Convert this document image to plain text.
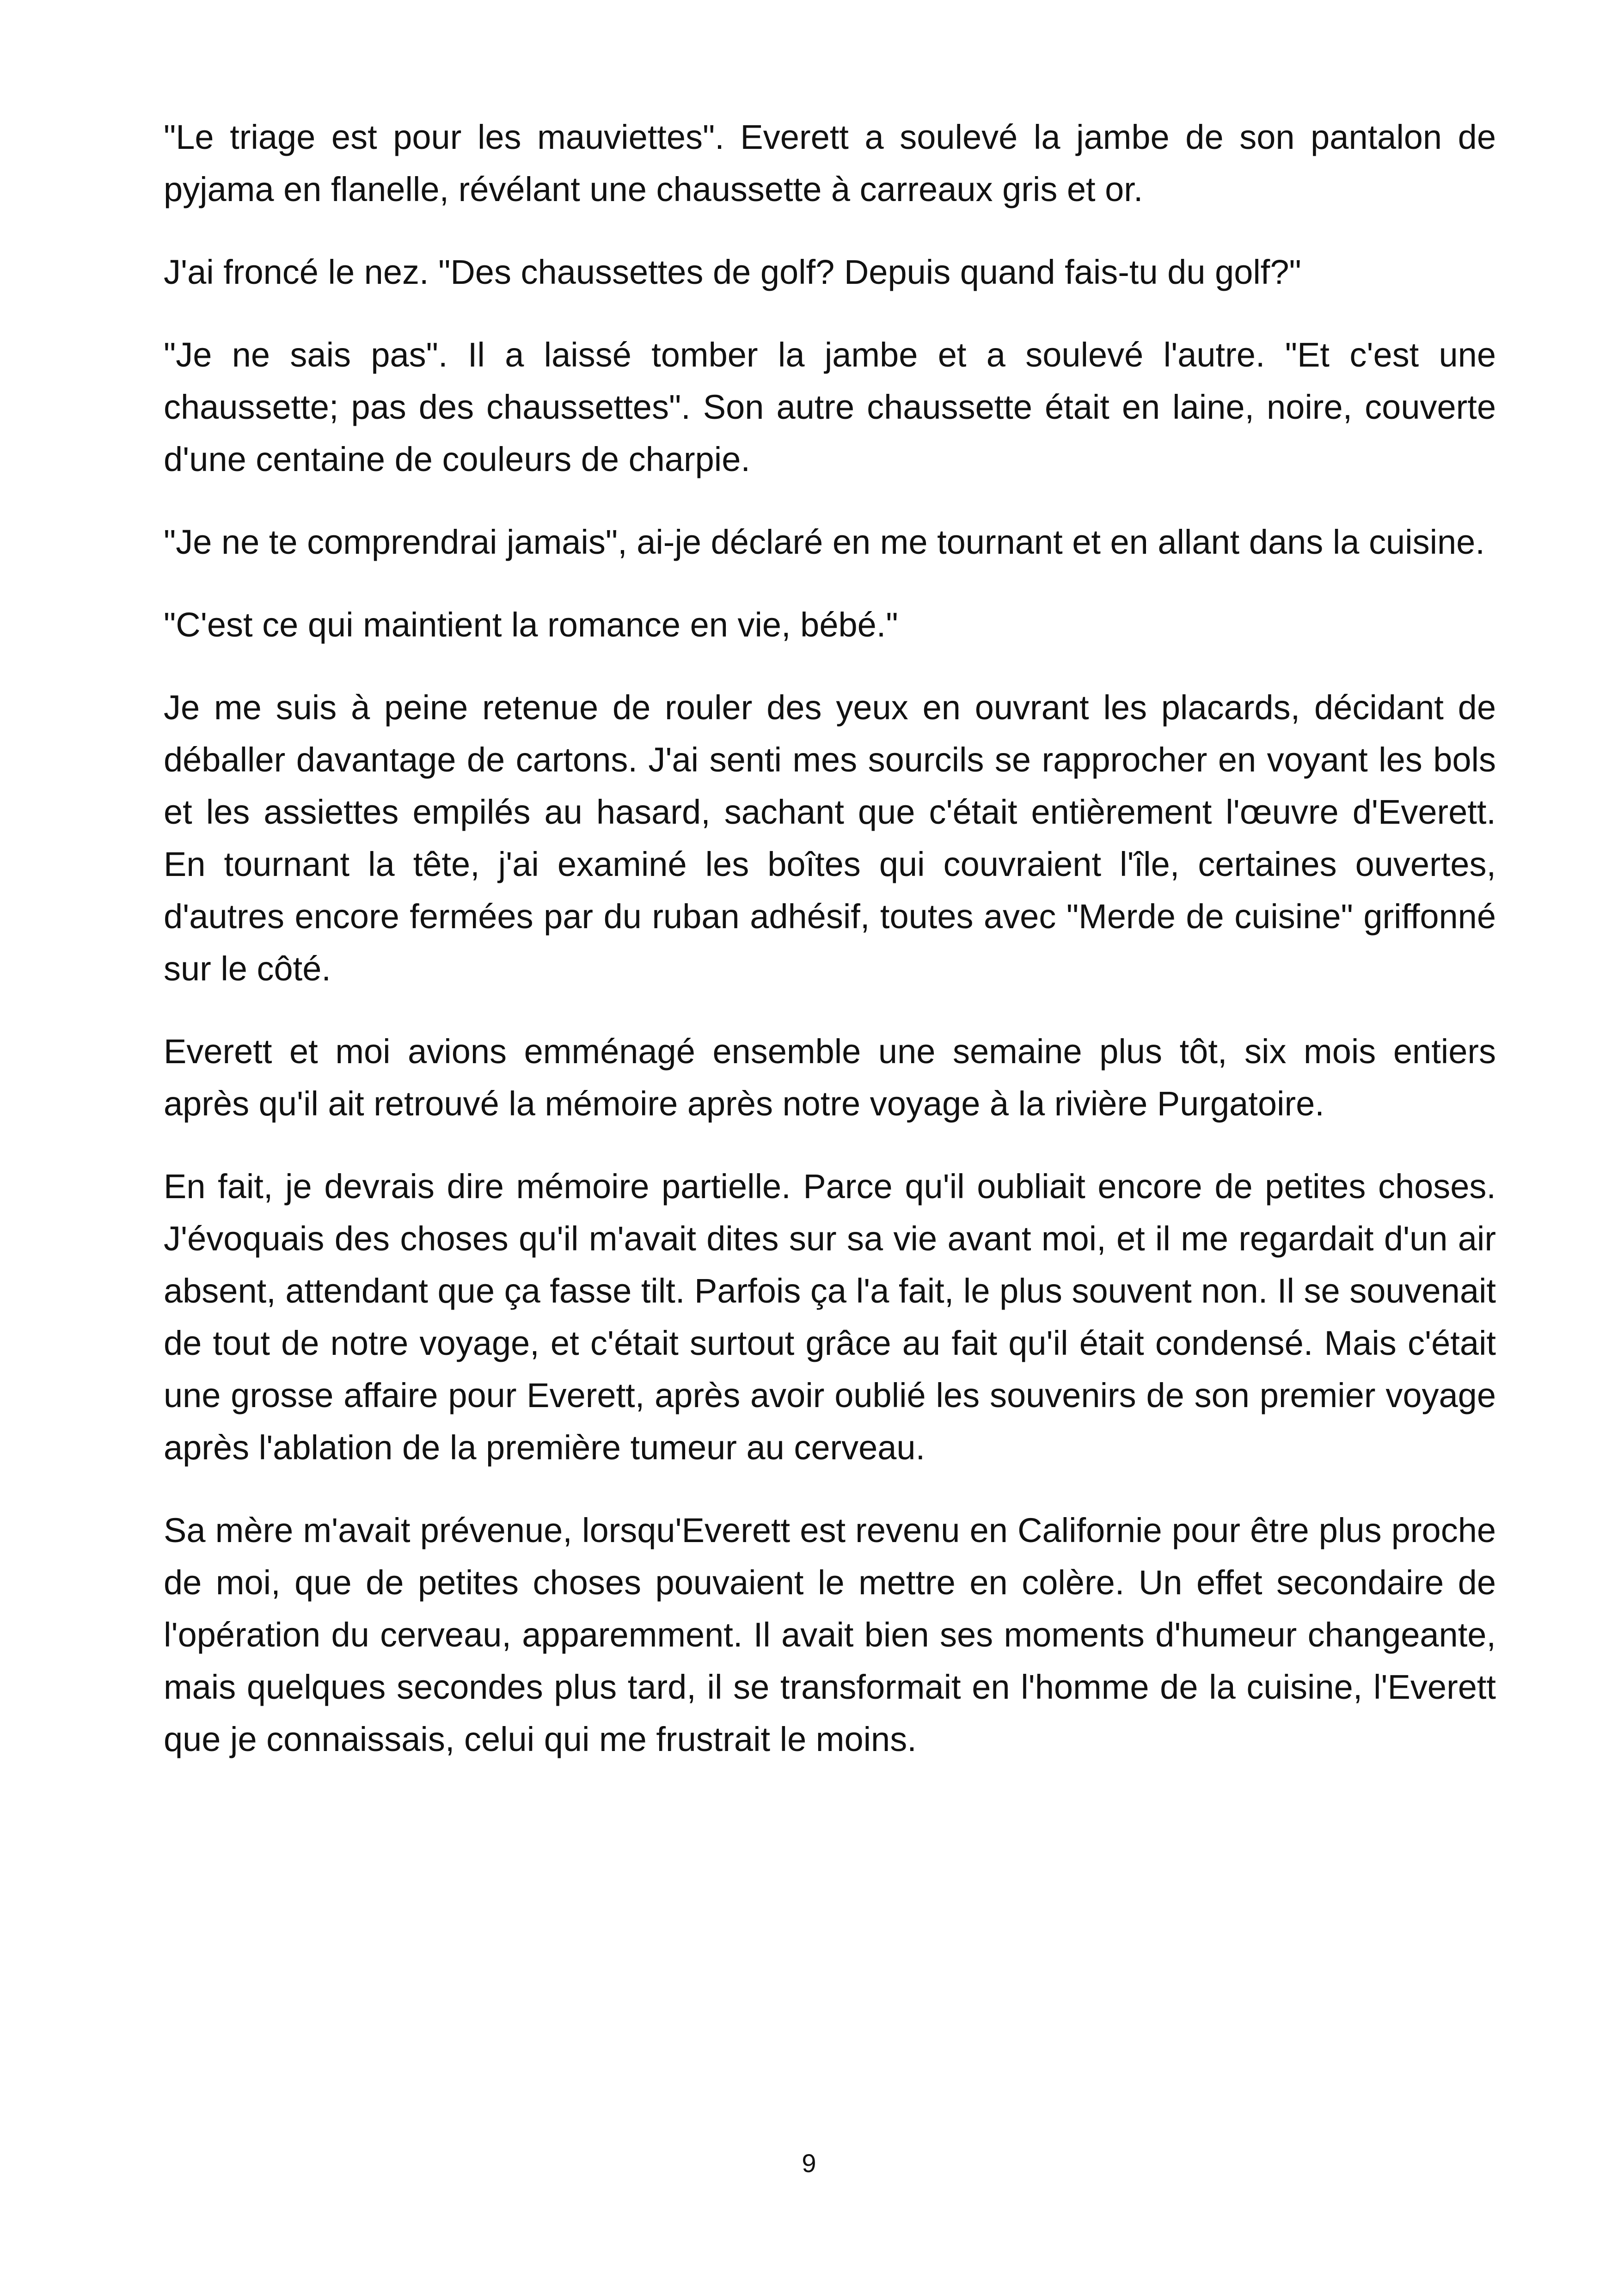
"Le triage est pour les mauviettes". Everett a soulevé la jambe de son pantalon de pyjama en flanelle, révélant une chaussette à carreaux gris et or.

J'ai froncé le nez. "Des chaussettes de golf? Depuis quand fais-tu du golf?"

"Je ne sais pas". Il a laissé tomber la jambe et a soulevé l'autre. "Et c'est une chaussette; pas des chaussettes". Son autre chaussette était en laine, noire, couverte d'une centaine de couleurs de charpie.

"Je ne te comprendrai jamais", ai-je déclaré en me tournant et en allant dans la cuisine.

"C'est ce qui maintient la romance en vie, bébé."

Je me suis à peine retenue de rouler des yeux en ouvrant les placards, décidant de déballer davantage de cartons. J'ai senti mes sourcils se rapprocher en voyant les bols et les assiettes empilés au hasard, sachant que c'était entièrement l'œuvre d'Everett. En tournant la tête, j'ai examiné les boîtes qui couvraient l'île, certaines ouvertes, d'autres encore fermées par du ruban adhésif, toutes avec "Merde de cuisine" griffonné sur le côté.

Everett et moi avions emménagé ensemble une semaine plus tôt, six mois entiers après qu'il ait retrouvé la mémoire après notre voyage à la rivière Purgatoire.

En fait, je devrais dire mémoire partielle. Parce qu'il oubliait encore de petites choses. J'évoquais des choses qu'il m'avait dites sur sa vie avant moi, et il me regardait d'un air absent, attendant que ça fasse tilt. Parfois ça l'a fait, le plus souvent non. Il se souvenait de tout de notre voyage, et c'était surtout grâce au fait qu'il était condensé. Mais c'était une grosse affaire pour Everett, après avoir oublié les souvenirs de son premier voyage après l'ablation de la première tumeur au cerveau.

Sa mère m'avait prévenue, lorsqu'Everett est revenu en Californie pour être plus proche de moi, que de petites choses pouvaient le mettre en colère. Un effet secondaire de l'opération du cerveau, apparemment. Il avait bien ses moments d'humeur changeante, mais quelques secondes plus tard, il se transformait en l'homme de la cuisine, l'Everett que je connaissais, celui qui me frustrait le moins.

9
